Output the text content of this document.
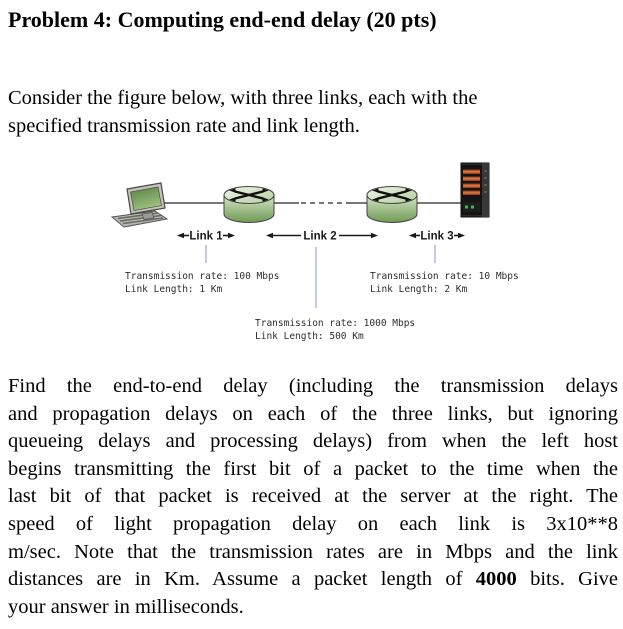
Problem 4: Computing end-end delay (20 pts)
Consider the figure below, with three links, each with the
specified transmission rate and link length.
Link 1	Link 2	Link 3
Transmission rate: 100 Mbps
Link Length: 1 Km
Transmission rate: 10 Mbps
Link Length: 2 Km
Transmission rate: 1000 Mbps
Link Length: 500 Km
Find the end-to-end delay (including the transmission delays
and propagation delays on each of the three links, but ignoring
queueing delays and processing delays) from when the left host
begins transmitting the first bit of a packet to the time when the
last bit of that packet is received at the server at the right. The
speed of light propagation delay on each link is 3x10**8
m/sec. Note that the transmission rates are in Mbps and the link
distances are in Km. Assume a packet length of 4000 bits. Give
your answer in milliseconds.
